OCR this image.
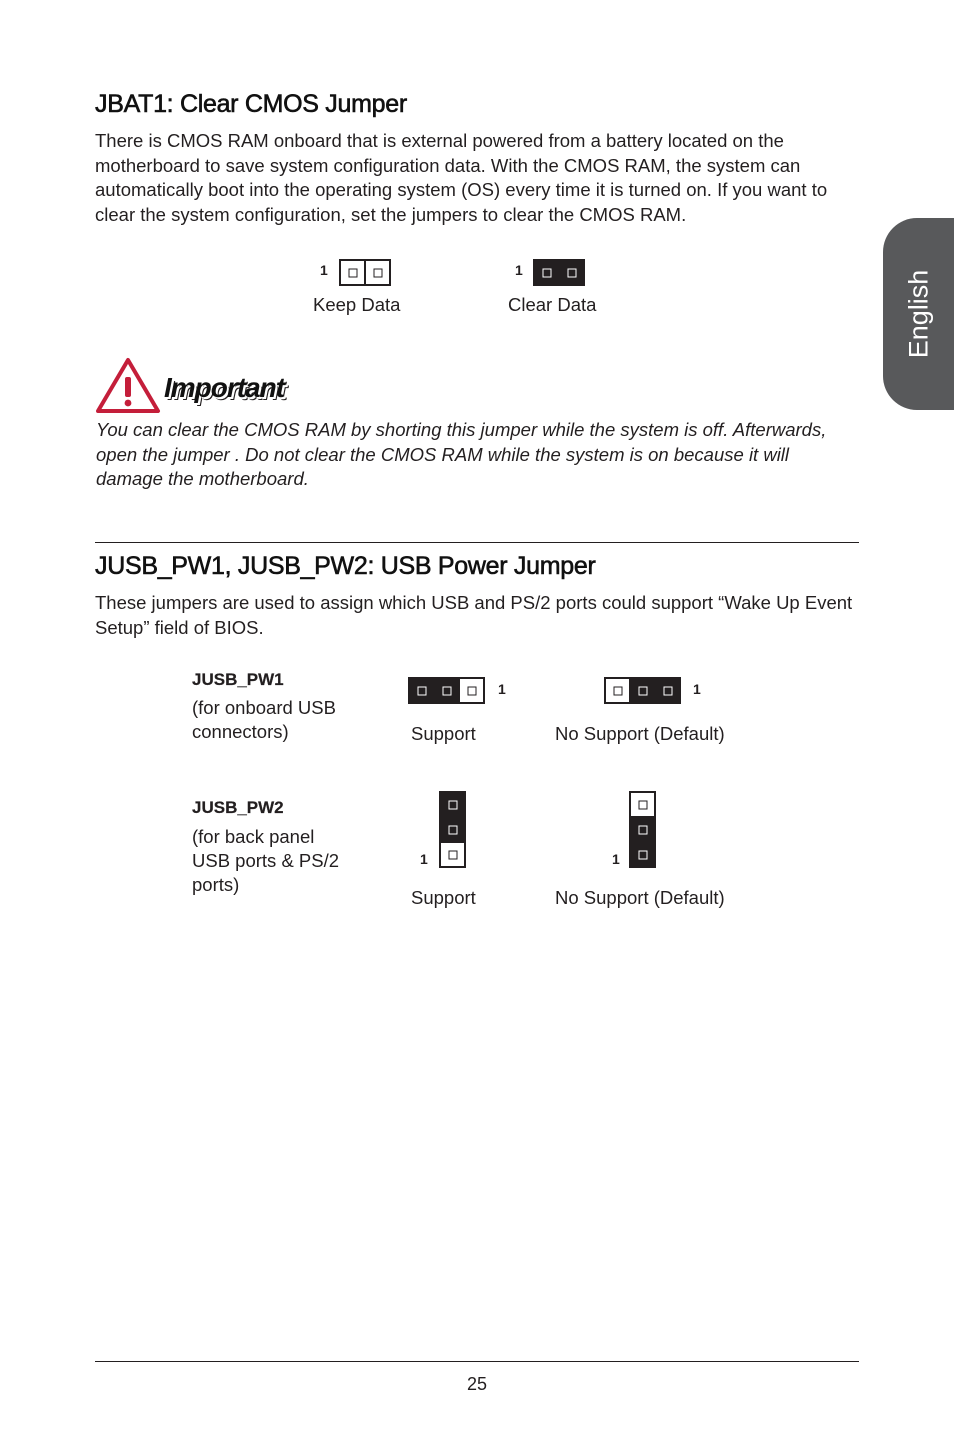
English
JBAT1: Clear CMOS Jumper

There is CMOS RAM onboard that is external powered from a battery located on the motherboard to save system configuration data. With the CMOS RAM, the system can automatically boot into the operating system (OS) every time it is turned on. If you want to clear the system configuration, set the jumpers to clear the CMOS RAM.

1
Keep Data
1
Clear Data
Important

You can clear the CMOS RAM by shorting this jumper while the system is off. Afterwards, open the jumper . Do not clear the CMOS RAM while the system is on because it will damage the motherboard.

JUSB_PW1, JUSB_PW2: USB Power Jumper

These jumpers are used to assign which USB and PS/2 ports could support “Wake Up Event Setup” field of BIOS.

JUSB_PW1
(for onboard USB
connectors)
1
Support
1
No Support (Default)
JUSB_PW2
(for back panel
USB ports & PS/2
ports)
1
Support
1
No Support (Default)
25
